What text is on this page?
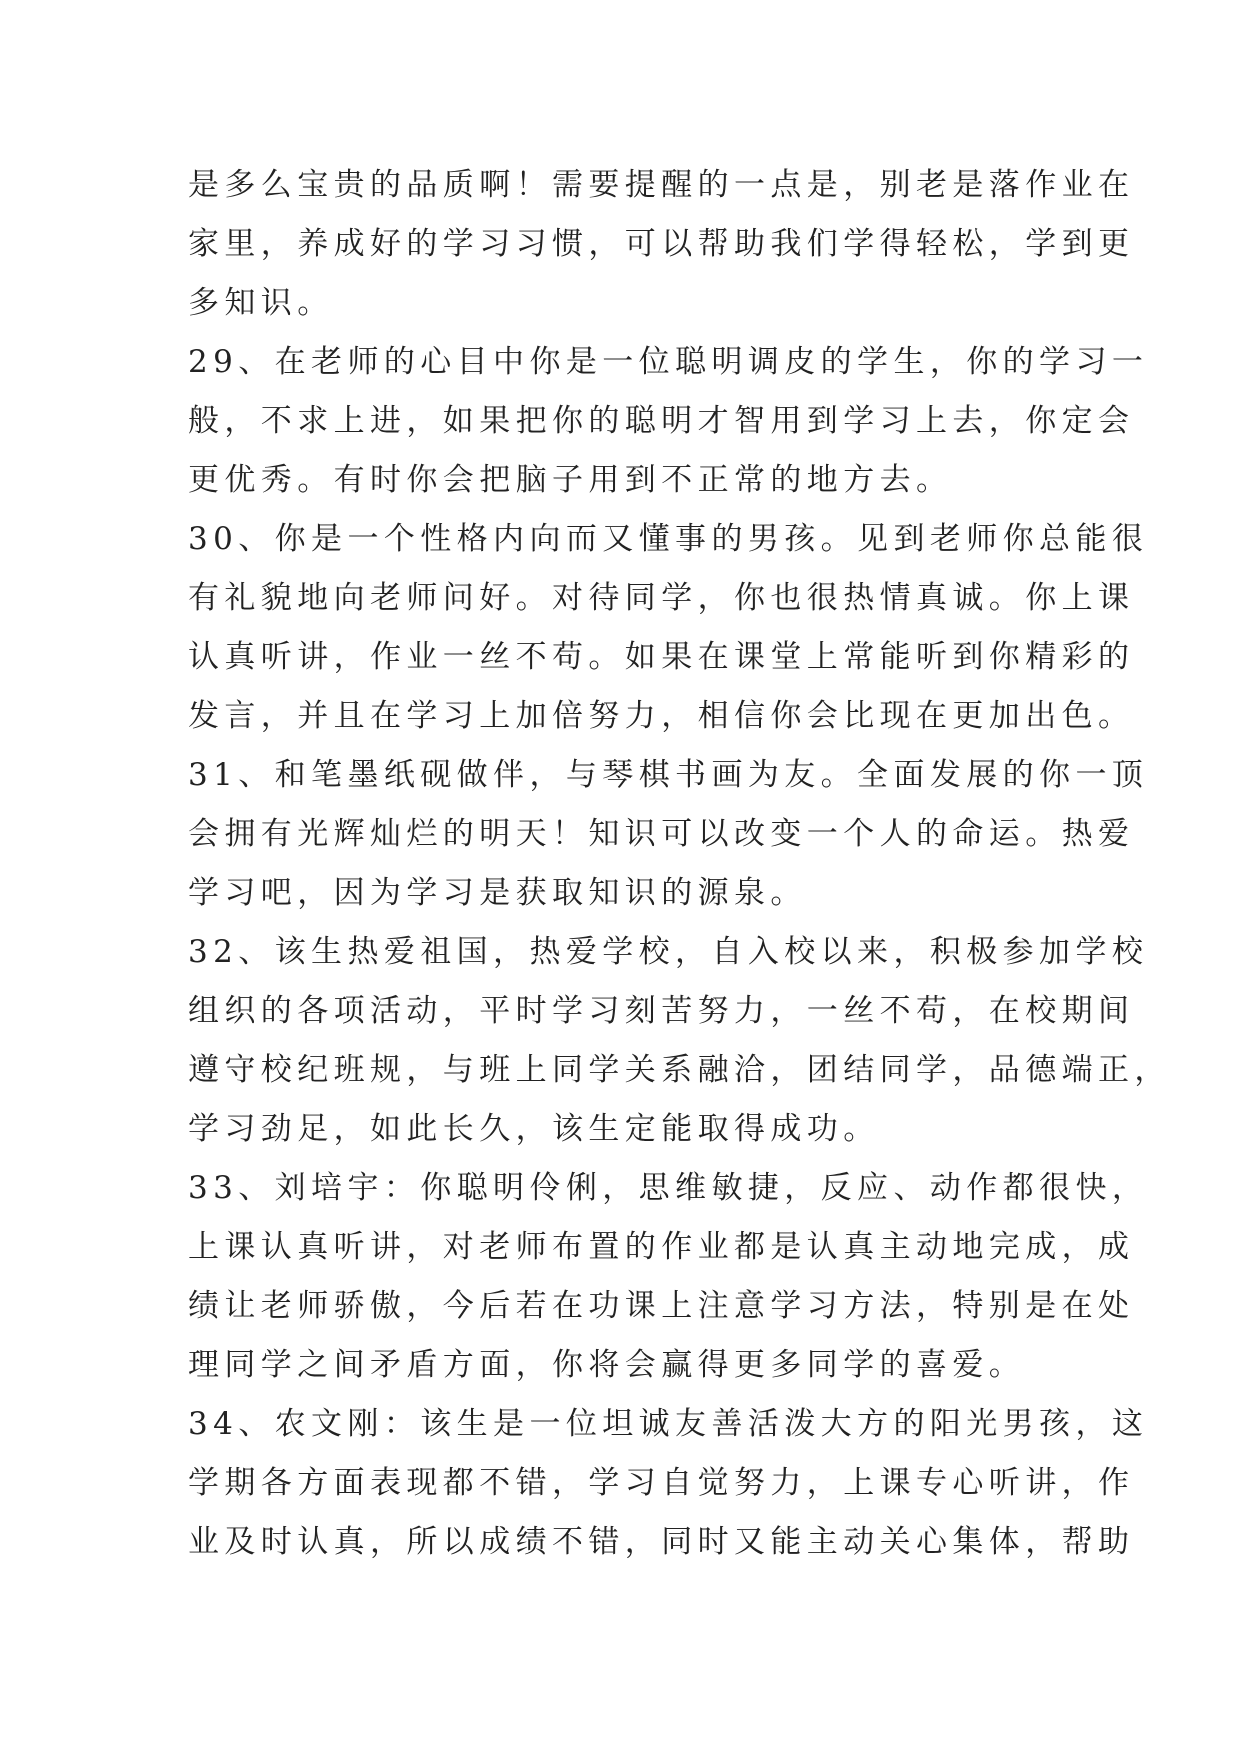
是多么宝贵的品质啊！需要提醒的一点是，别老是落作业在
家里，养成好的学习习惯，可以帮助我们学得轻松，学到更
多知识。
29、在老师的心目中你是一位聪明调皮的学生，你的学习一
般，不求上进，如果把你的聪明才智用到学习上去，你定会
更优秀。有时你会把脑子用到不正常的地方去。
30、你是一个性格内向而又懂事的男孩。见到老师你总能很
有礼貌地向老师问好。对待同学，你也很热情真诚。你上课
认真听讲，作业一丝不苟。如果在课堂上常能听到你精彩的
发言，并且在学习上加倍努力，相信你会比现在更加出色。
31、和笔墨纸砚做伴，与琴棋书画为友。全面发展的你一顶
会拥有光辉灿烂的明天！知识可以改变一个人的命运。热爱
学习吧，因为学习是获取知识的源泉。
32、该生热爱祖国，热爱学校，自入校以来，积极参加学校
组织的各项活动，平时学习刻苦努力，一丝不苟，在校期间
遵守校纪班规，与班上同学关系融洽，团结同学，品德端正，
学习劲足，如此长久，该生定能取得成功。
33、刘培宇：你聪明伶俐，思维敏捷，反应、动作都很快，
上课认真听讲，对老师布置的作业都是认真主动地完成，成
绩让老师骄傲，今后若在功课上注意学习方法，特别是在处
理同学之间矛盾方面，你将会赢得更多同学的喜爱。
34、农文刚：该生是一位坦诚友善活泼大方的阳光男孩，这
学期各方面表现都不错，学习自觉努力，上课专心听讲，作
业及时认真，所以成绩不错，同时又能主动关心集体，帮助
